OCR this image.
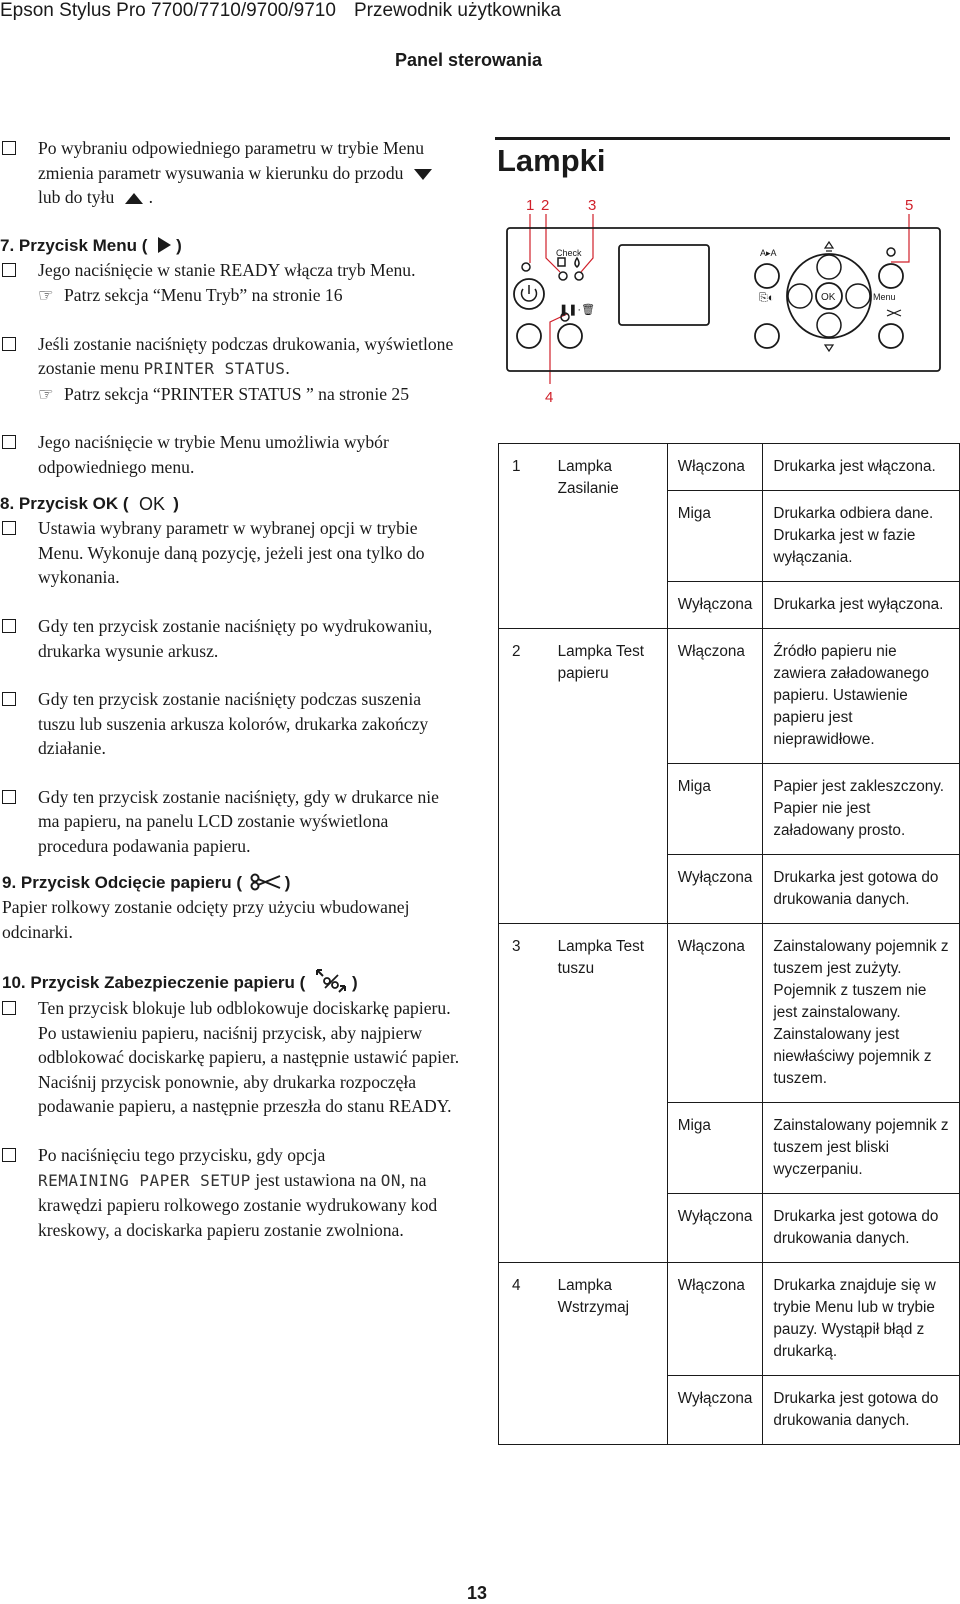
Epson Stylus Pro 7700/7710/9700/9710 Przewodnik użytkownika
Panel sterowania
Po wybraniu odpowiedniego parametru w trybie Menu zmienia parametr wysuwania w kierunku do przodu  lub do tyłu .
7. Przycisk Menu ( )
Jego naciśnięcie w stanie READY włącza tryb Menu.
☞ Patrz sekcja “Menu Tryb” na stronie 16
Jeśli zostanie naciśnięty podczas drukowania, wyświetlone zostanie menu PRINTER STATUS.
☞ Patrz sekcja “PRINTER STATUS ” na stronie 25
Jego naciśnięcie w trybie Menu umożliwia wybór odpowiedniego menu.
8. Przycisk OK ( OK )
Ustawia wybrany parametr w wybranej opcji w trybie Menu. Wykonuje daną pozycję, jeżeli jest ona tylko do wykonania.
Gdy ten przycisk zostanie naciśnięty po wydrukowaniu, drukarka wysunie arkusz.
Gdy ten przycisk zostanie naciśnięty podczas suszenia tuszu lub suszenia arkusza kolorów, drukarka zakończy działanie.
Gdy ten przycisk zostanie naciśnięty, gdy w drukarce nie ma papieru, na panelu LCD zostanie wyświetlona procedura podawania papieru.
9. Przycisk Odcięcie papieru (	)
Papier rolkowy zostanie odcięty przy użyciu wbudowanej odcinarki.
10. Przycisk Zabezpieczenie papieru (	)
Ten przycisk blokuje lub odblokowuje dociskarkę papieru. Po ustawieniu papieru, naciśnij przycisk, aby najpierw odblokować dociskarkę papieru, a następnie ustawić papier. Naciśnij przycisk ponownie, aby drukarka rozpoczęła podawanie papieru, a następnie przeszła do stanu READY.
Po naciśnięciu tego przycisku, gdy opcja
REMAINING PAPER SETUP jest ustawiona na ON, na krawędzi papieru rolkowego zostanie wydrukowany kod kreskowy, a dociskarka papieru zostanie zwolniona.
Lampki
1 2	3	5
4
Check	A▸A
❚❚·🗑
⎘◐	OK	Menu
1	Lampka Zasilanie	Włączona	Drukarka jest włączona.
		Miga	Drukarka odbiera dane. Drukarka jest w fazie wyłączania.
		Wyłączona	Drukarka jest wyłączona.
2	Lampka Test papieru	Włączona	Źródło papieru nie zawiera załadowanego papieru. Ustawienie papieru jest nieprawidłowe.
		Miga	Papier jest zakleszczony. Papier nie jest załadowany prosto.
		Wyłączona	Drukarka jest gotowa do drukowania danych.
3	Lampka Test tuszu	Włączona	Zainstalowany pojemnik z tuszem jest zużyty. Pojemnik z tuszem nie jest zainstalowany. Zainstalowany jest niewłaściwy pojemnik z tuszem.
		Miga	Zainstalowany pojemnik z tuszem jest bliski wyczerpaniu.
		Wyłączona	Drukarka jest gotowa do drukowania danych.
4	Lampka Wstrzymaj	Włączona	Drukarka znajduje się w trybie Menu lub w trybie pauzy. Wystąpił błąd z drukarką.
		Wyłączona	Drukarka jest gotowa do drukowania danych.
13
